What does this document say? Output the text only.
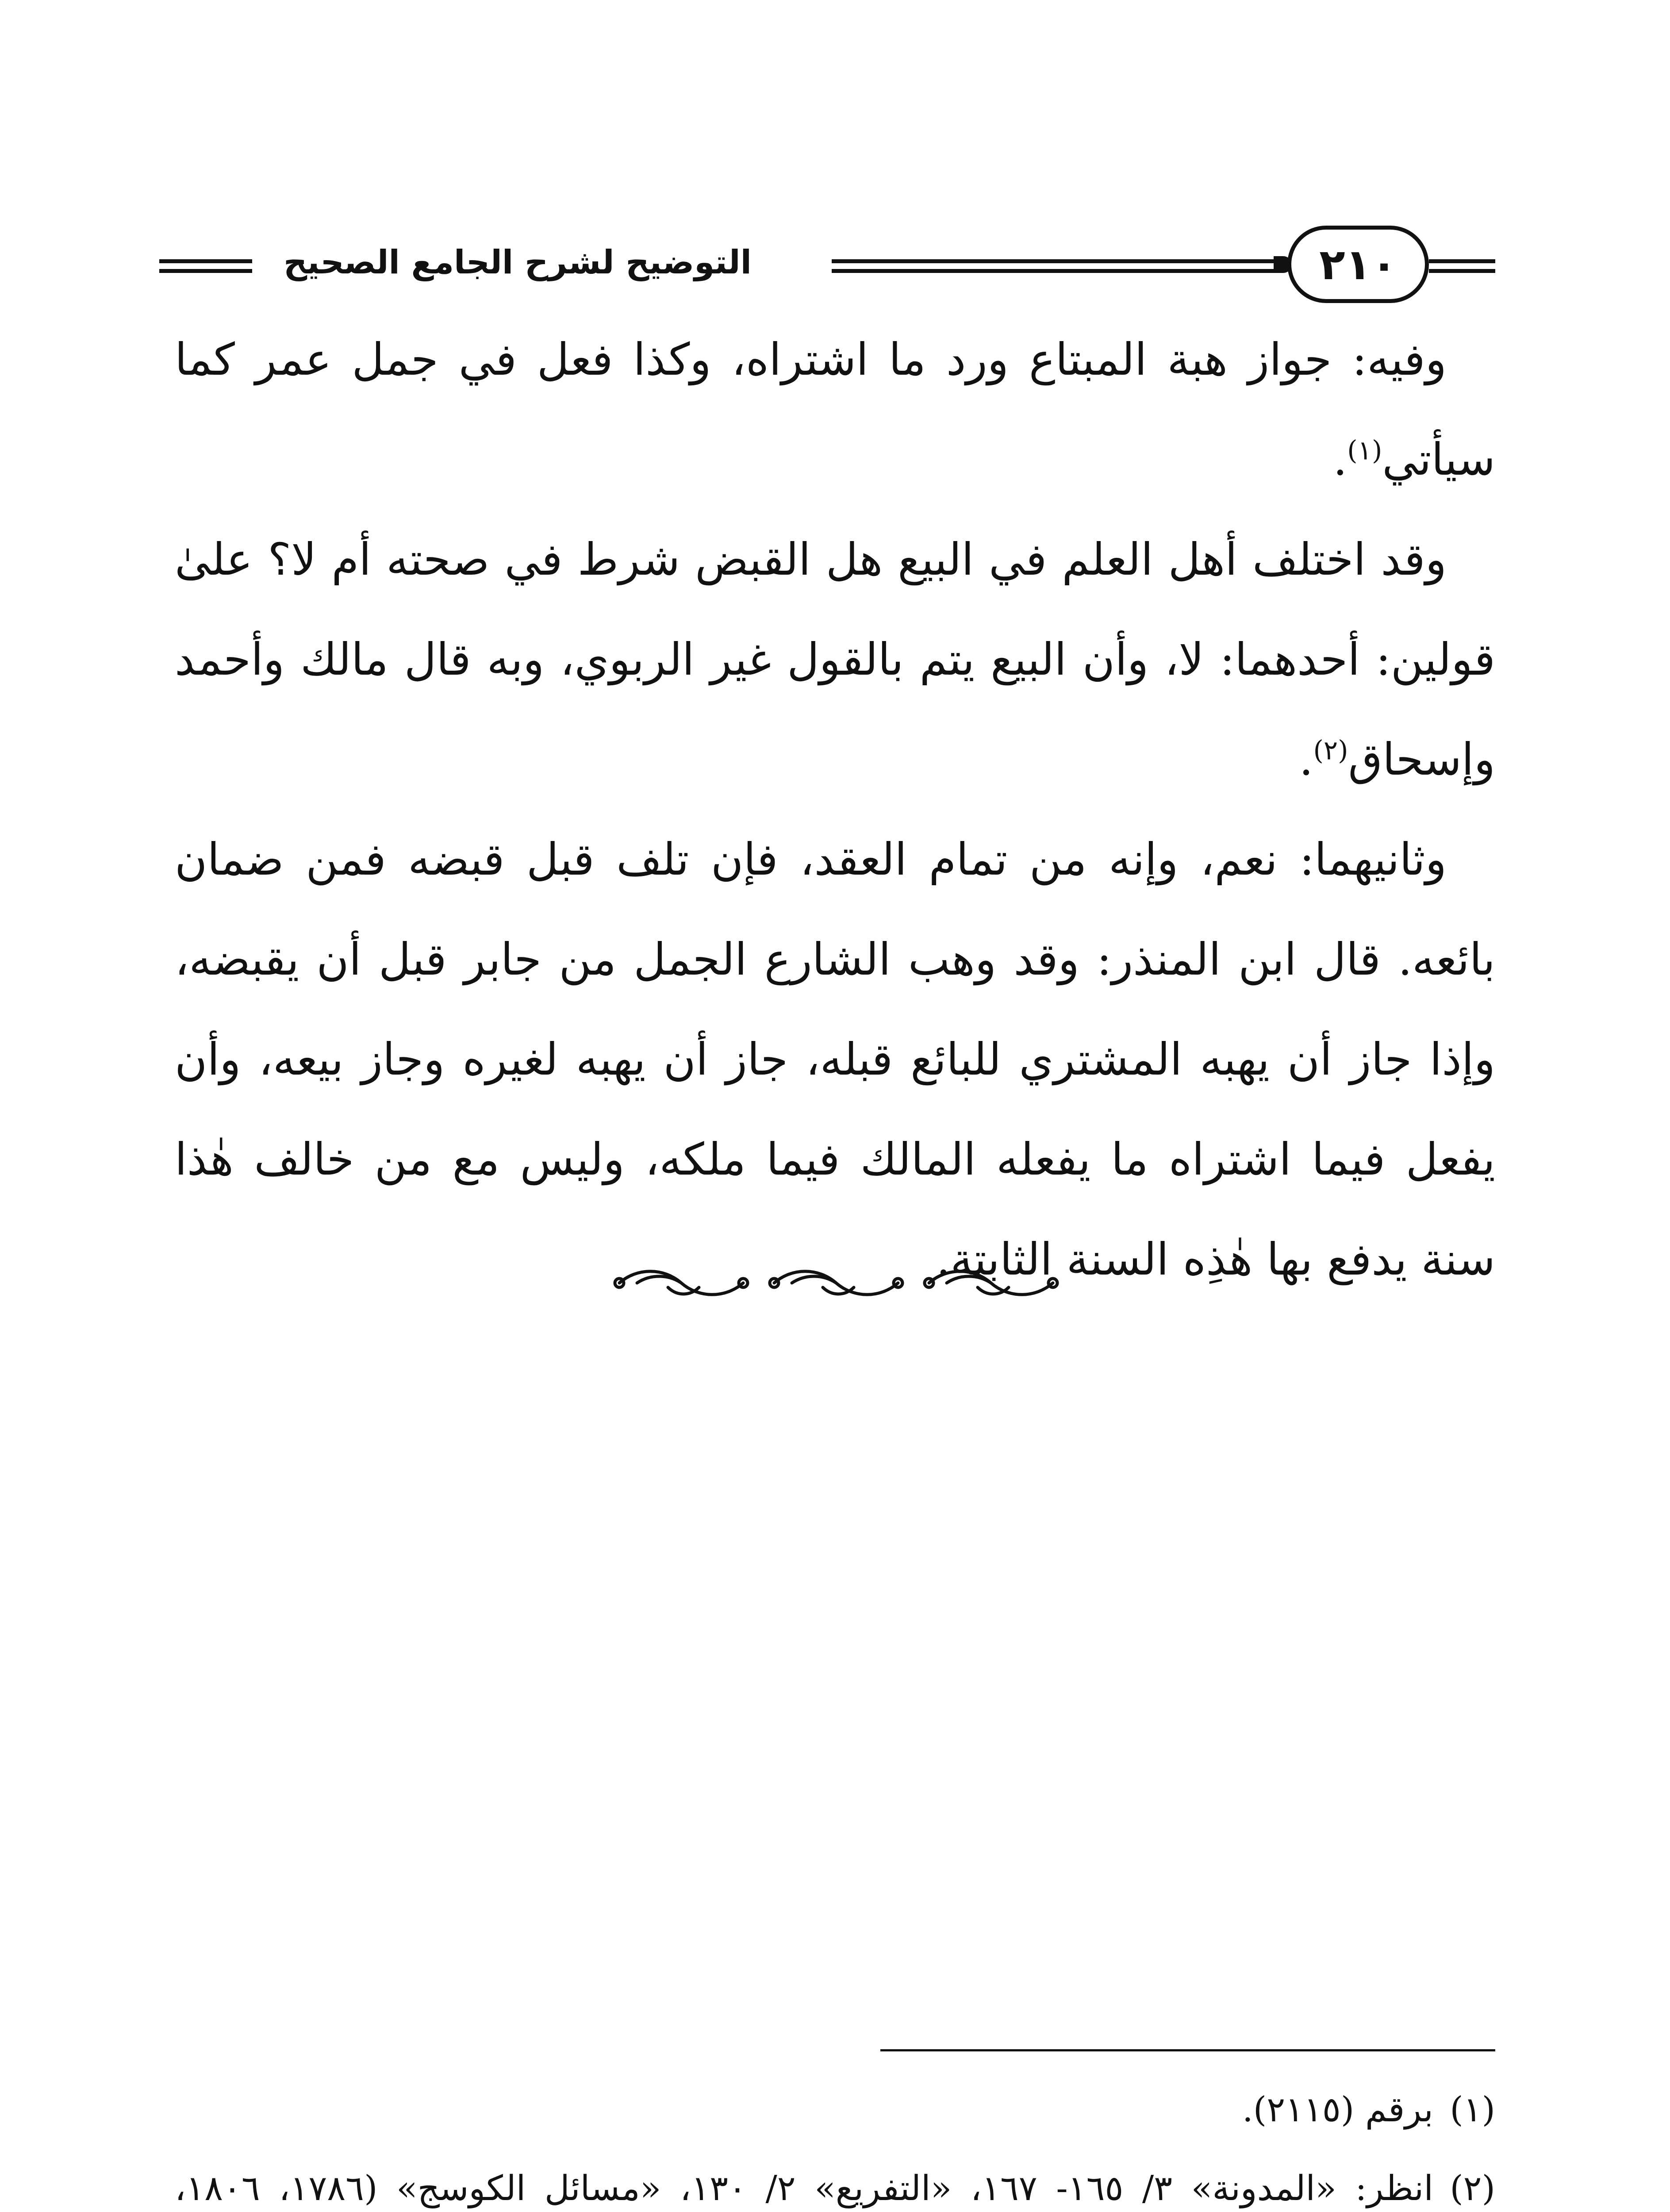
٢١٠
التوضيح لشرح الجامع الصحيح

وفيه: جواز هبة المبتاع ورد ما اشتراه، وكذا فعل في جمل عمر كما سيأتي$^{(١)}$.

وقد اختلف أهل العلم في البيع هل القبض شرط في صحته أم لا؟ علىٰ قولين: أحدهما: لا، وأن البيع يتم بالقول غير الربوي، وبه قال مالك وأحمد وإسحاق$^{(٢)}$.

وثانيهما: نعم، وإنه من تمام العقد، فإن تلف قبل قبضه فمن ضمان بائعه. قال ابن المنذر: وقد وهب الشارع الجمل من جابر قبل أن يقبضه، وإذا جاز أن يهبه المشتري للبائع قبله، جاز أن يهبه لغيره وجاز بيعه، وأن يفعل فيما اشتراه ما يفعله المالك فيما ملكه، وليس مع من خالف هٰذا سنة يدفع بها هٰذِه السنة الثابتة.

(١)
برقم (٢١١٥).
(٢)
انظر: «المدونة» ٣/ ١٦٥- ١٦٧، «التفريع» ٢/ ١٣٠، «مسائل الكوسج» (١٧٨٦، ١٨٠٦،
